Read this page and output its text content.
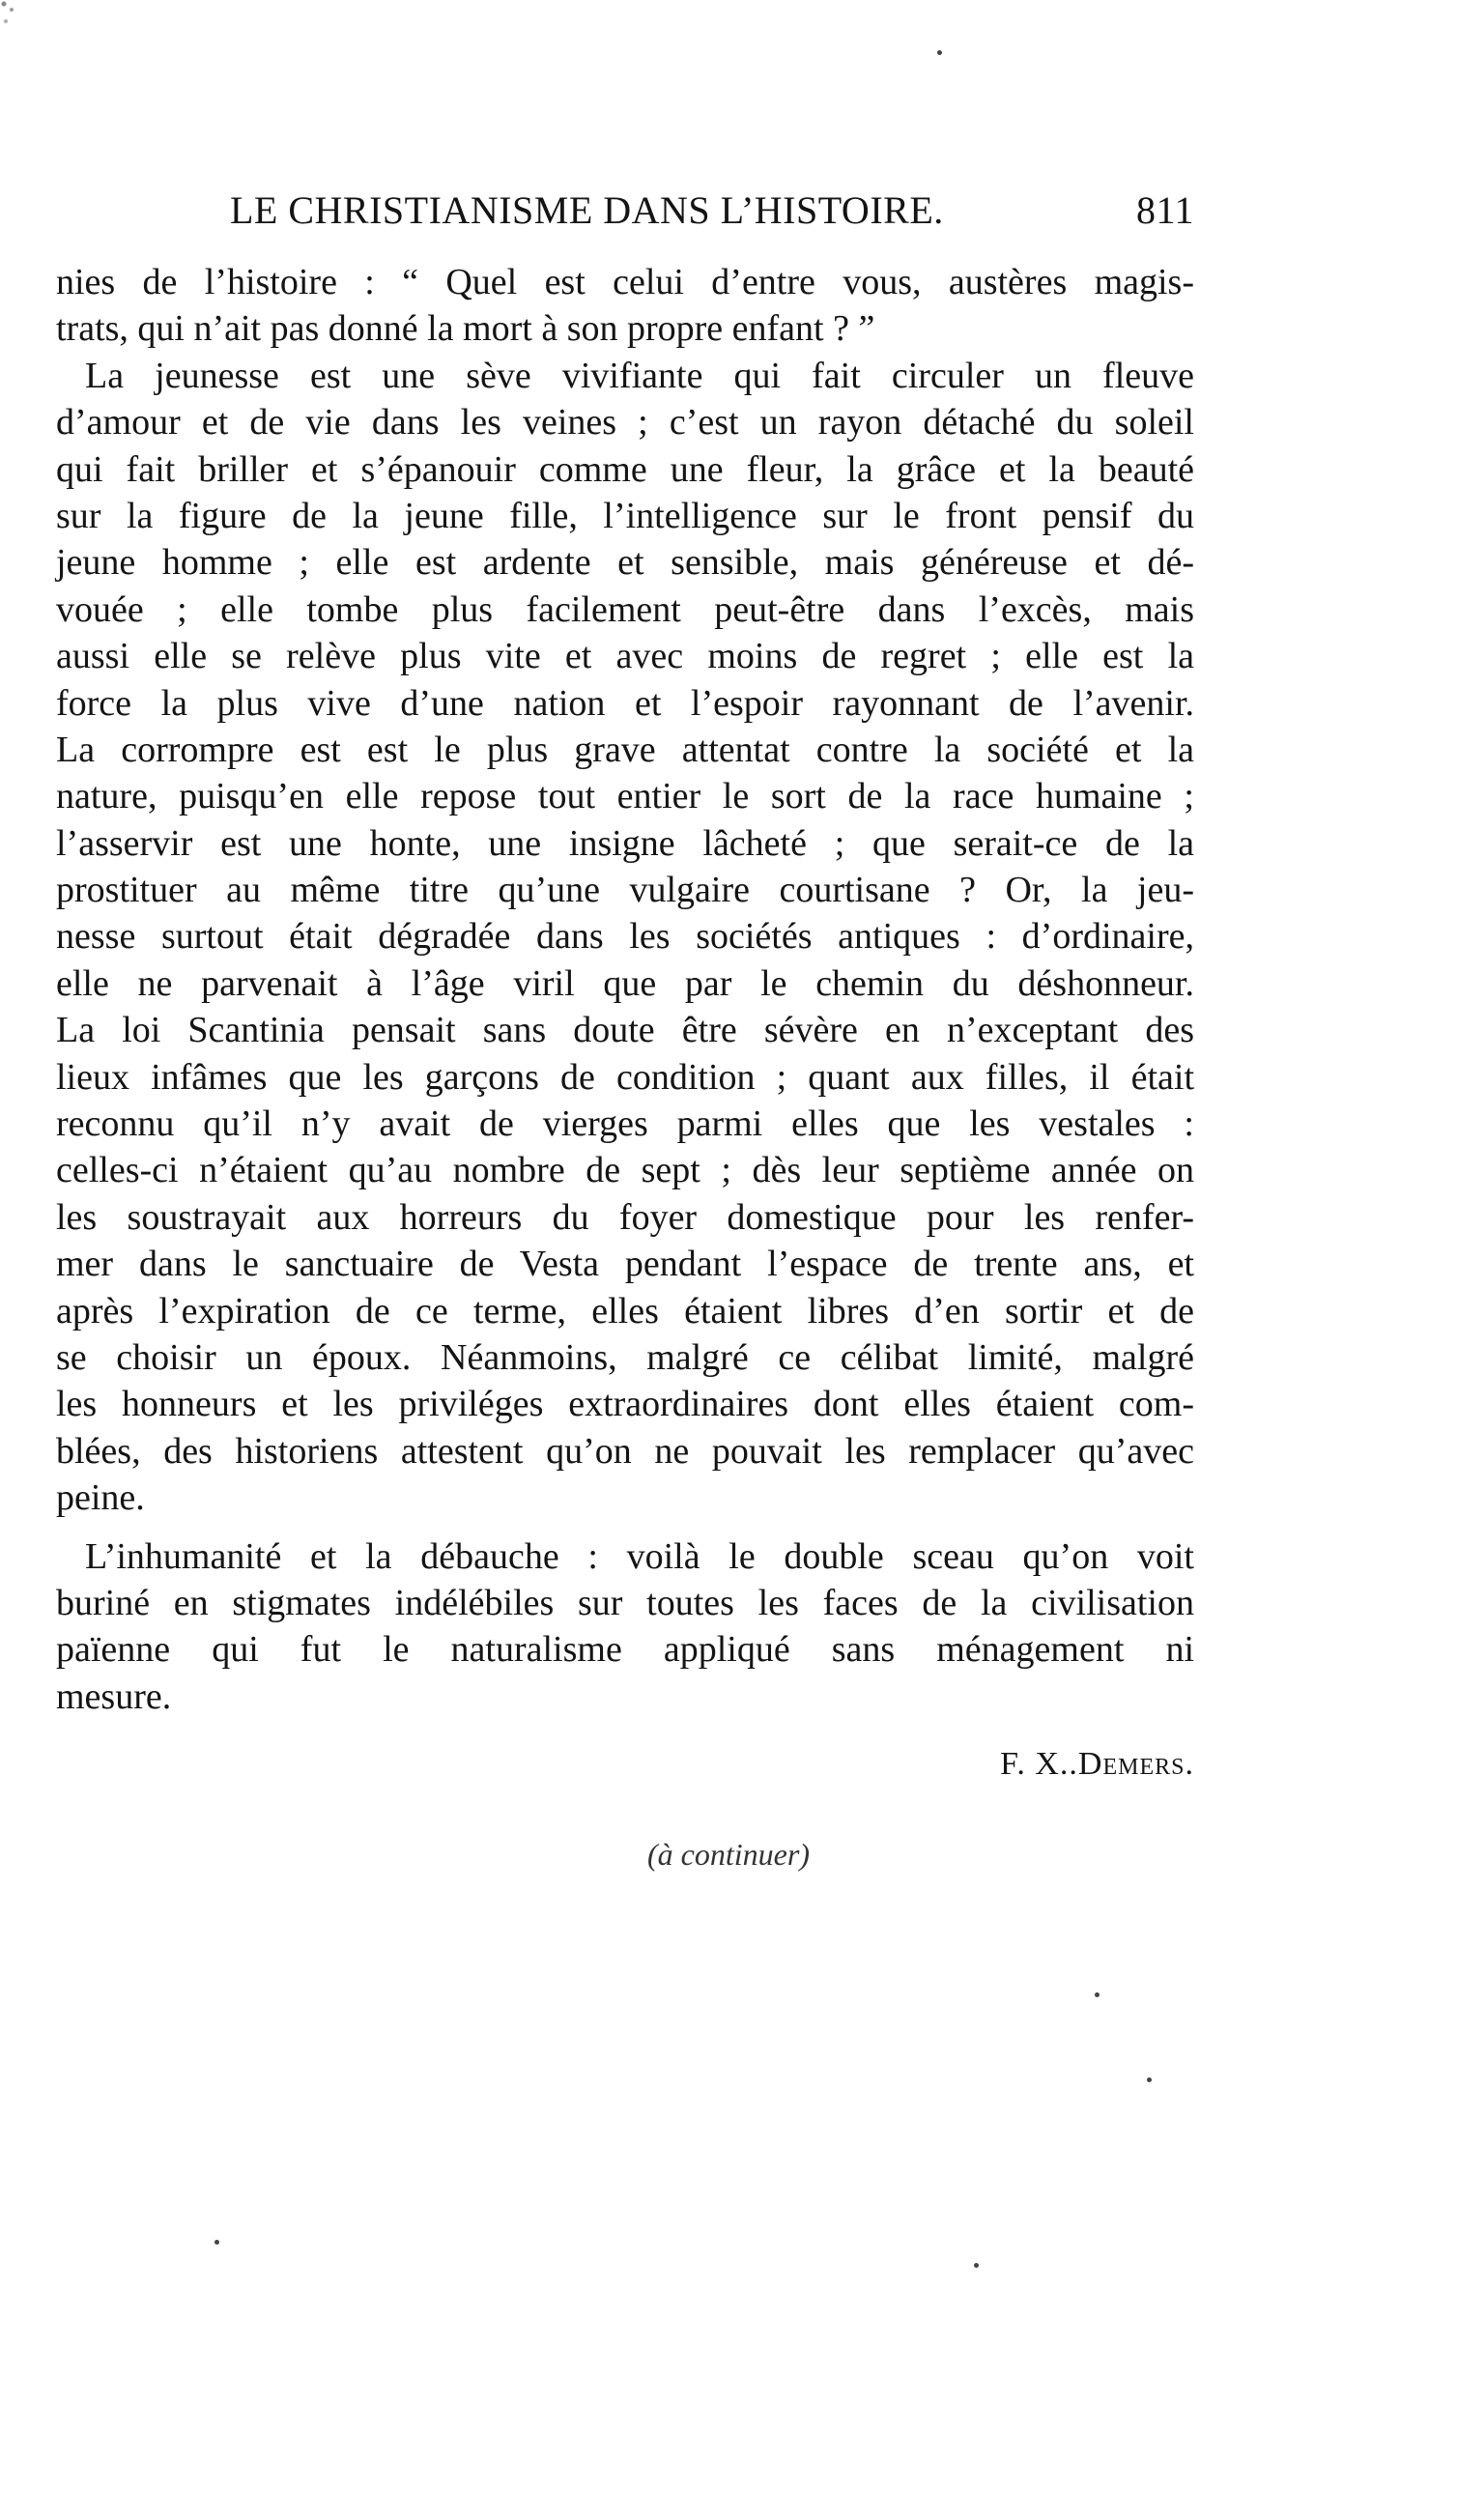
LE CHRISTIANISME DANS L’HISTOIRE.	811
nies de l’histoire : “ Quel est celui d’entre vous, austères magis-
trats, qui n’ait pas donné la mort à son propre enfant ? ”
La jeunesse est une sève vivifiante qui fait circuler un fleuve
d’amour et de vie dans les veines ; c’est un rayon détaché du soleil
qui fait briller et s’épanouir comme une fleur, la grâce et la beauté
sur la figure de la jeune fille, l’intelligence sur le front pensif du
jeune homme ; elle est ardente et sensible, mais généreuse et dé-
vouée ; elle tombe plus facilement peut-être dans l’excès, mais
aussi elle se relève plus vite et avec moins de regret ; elle est la
force la plus vive d’une nation et l’espoir rayonnant de l’avenir.
La corrompre est est le plus grave attentat contre la société et la
nature, puisqu’en elle repose tout entier le sort de la race humaine ;
l’asservir est une honte, une insigne lâcheté ; que serait-ce de la
prostituer au même titre qu’une vulgaire courtisane ? Or, la jeu-
nesse surtout était dégradée dans les sociétés antiques : d’ordinaire,
elle ne parvenait à l’âge viril que par le chemin du déshonneur.
La loi Scantinia pensait sans doute être sévère en n’exceptant des
lieux infâmes que les garçons de condition ; quant aux filles, il était
reconnu qu’il n’y avait de vierges parmi elles que les vestales :
celles-ci n’étaient qu’au nombre de sept ; dès leur septième année on
les soustrayait aux horreurs du foyer domestique pour les renfer-
mer dans le sanctuaire de Vesta pendant l’espace de trente ans, et
après l’expiration de ce terme, elles étaient libres d’en sortir et de
se choisir un époux. Néanmoins, malgré ce célibat limité, malgré
les honneurs et les priviléges extraordinaires dont elles étaient com-
blées, des historiens attestent qu’on ne pouvait les remplacer qu’avec
peine.
L’inhumanité et la débauche : voilà le double sceau qu’on voit
buriné en stigmates indélébiles sur toutes les faces de la civilisation
païenne qui fut le naturalisme appliqué sans ménagement ni
mesure.
F. X..Demers.
(à continuer)
